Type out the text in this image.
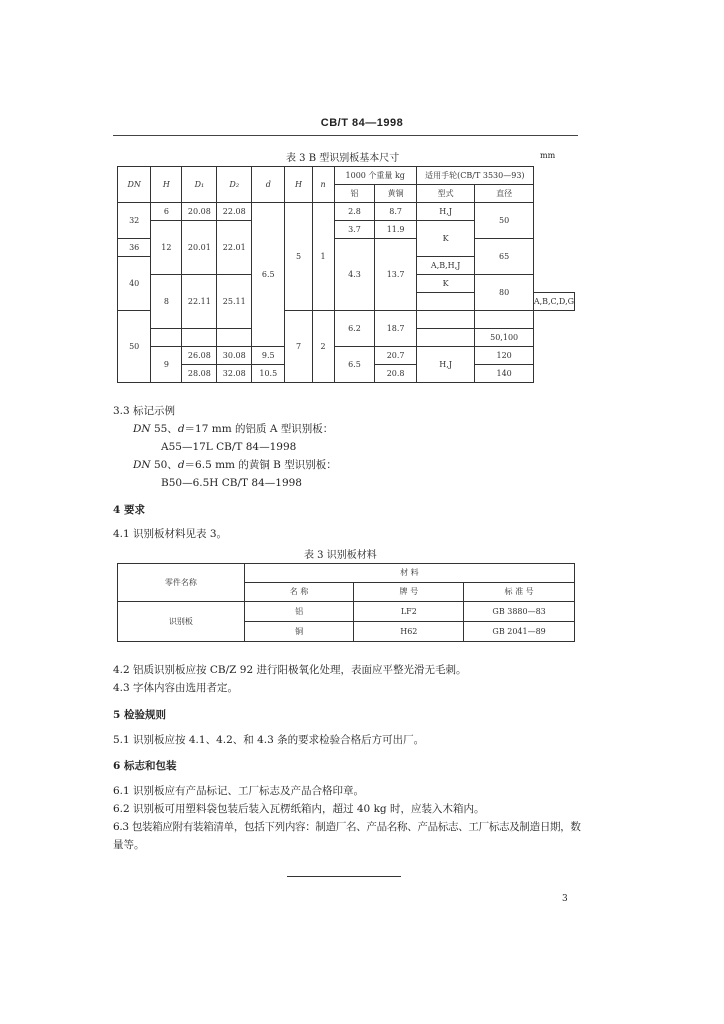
CB/T 84—1998
表 3 B 型识别板基本尺寸	mm
DN	H	D₁	D₂	d	H	n	1000 个重量 kg		适用手轮(CB/T 3530—93)		
							铝	黄铜	型式	直径	
32	6	20.08	22.08	6.5	5	1	2.8	8.7	H,J	50	
	12	20.01	22.01				3.7	11.9	K		
36							4.3	13.7		65	
40									A,B,H,J		
	8	22.11	25.11						K	80	
											A,B,C,D,G
50					7	2	6.2	18.7			
										50,100	
	9	26.08	30.08	9.5			6.5	20.7	H,J	120	
		28.08	32.08	10.5				20.8		140	
3.3 标记示例
DN 55、d＝17 mm 的铝质 A 型识别板：
A55—17L CB/T 84—1998
DN 50、d＝6.5 mm 的黄铜 B 型识别板：
B50—6.5H CB/T 84—1998
4 要求
4.1 识别板材料见表 3。
表 3 识别板材料
零件名称	材 料		
	名 称	牌 号	标 准 号
识别板	铝	LF2	GB 3880—83
	铜	H62	GB 2041—89
4.2 铝质识别板应按 CB/Z 92 进行阳极氧化处理，表面应平整光滑无毛刺。
4.3 字体内容由选用者定。
5 检验规则
5.1 识别板应按 4.1、4.2、和 4.3 条的要求检验合格后方可出厂。
6 标志和包装
6.1 识别板应有产品标记、工厂标志及产品合格印章。
6.2 识别板可用塑料袋包装后装入瓦楞纸箱内，超过 40 kg 时，应装入木箱内。
6.3 包装箱应附有装箱清单，包括下列内容：制造厂名、产品名称、产品标志、工厂标志及制造日期，数
量等。
3
